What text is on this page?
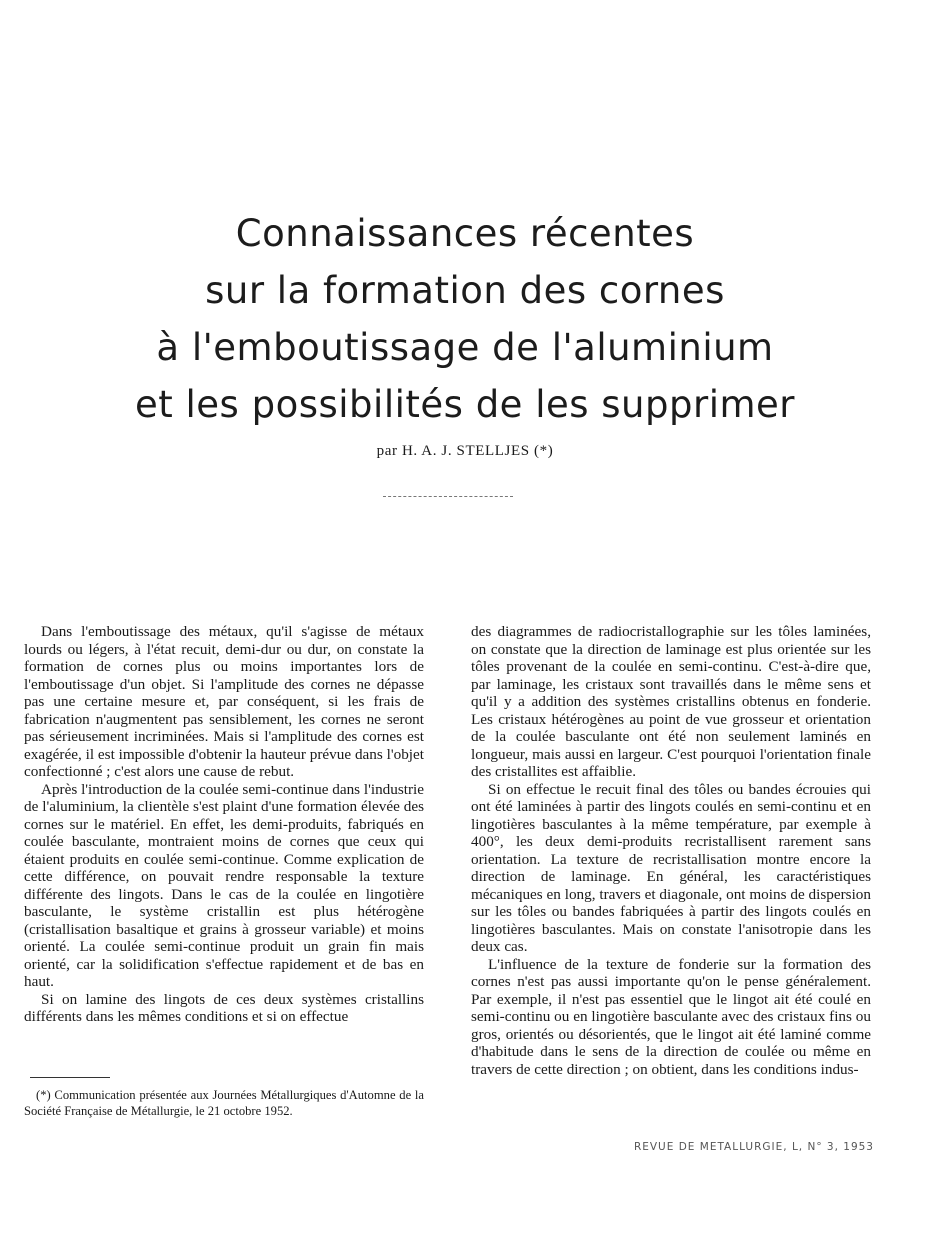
Connaissances récentes
sur la formation des cornes
à l'emboutissage de l'aluminium
et les possibilités de les supprimer
par H. A. J. STELLJES (*)

Dans l'emboutissage des métaux, qu'il s'agisse de métaux lourds ou légers, à l'état recuit, demi-dur ou dur, on constate la formation de cornes plus ou moins importantes lors de l'emboutissage d'un objet. Si l'amplitude des cornes ne dépasse pas une certaine mesure et, par conséquent, si les frais de fabrication n'augmentent pas sensiblement, les cornes ne seront pas sérieusement incriminées. Mais si l'amplitude des cornes est exagérée, il est impossible d'obtenir la hauteur prévue dans l'objet confectionné ; c'est alors une cause de rebut.

Après l'introduction de la coulée semi-continue dans l'industrie de l'aluminium, la clientèle s'est plaint d'une formation élevée des cornes sur le matériel. En effet, les demi-produits, fabriqués en coulée basculante, montraient moins de cornes que ceux qui étaient produits en coulée semi-continue. Comme explication de cette différence, on pouvait rendre responsable la texture différente des lingots. Dans le cas de la coulée en lingotière basculante, le système cristallin est plus hétérogène (cristallisation basaltique et grains à grosseur variable) et moins orienté. La coulée semi-continue produit un grain fin mais orienté, car la solidification s'effectue rapidement et de bas en haut.

Si on lamine des lingots de ces deux systèmes cristallins différents dans les mêmes conditions et si on effectue

des diagrammes de radiocristallographie sur les tôles laminées, on constate que la direction de laminage est plus orientée sur les tôles provenant de la coulée en semi-continu. C'est-à-dire que, par laminage, les cristaux sont travaillés dans le même sens et qu'il y a addition des systèmes cristallins obtenus en fonderie. Les cristaux hétérogènes au point de vue grosseur et orientation de la coulée basculante ont été non seulement laminés en longueur, mais aussi en largeur. C'est pourquoi l'orientation finale des cristallites est affaiblie.

Si on effectue le recuit final des tôles ou bandes écrouies qui ont été laminées à partir des lingots coulés en semi-continu et en lingotières basculantes à la même température, par exemple à 400°, les deux demi-produits recristallisent rarement sans orientation. La texture de recristallisation montre encore la direction de laminage. En général, les caractéristiques mécaniques en long, travers et diagonale, ont moins de dispersion sur les tôles ou bandes fabriquées à partir des lingots coulés en lingotières basculantes. Mais on constate l'anisotropie dans les deux cas.

L'influence de la texture de fonderie sur la formation des cornes n'est pas aussi importante qu'on le pense généralement. Par exemple, il n'est pas essentiel que le lingot ait été coulé en semi-continu ou en lingotière basculante avec des cristaux fins ou gros, orientés ou désorientés, que le lingot ait été laminé comme d'habitude dans le sens de la direction de coulée ou même en travers de cette direction ; on obtient, dans les conditions indus-

(*) Communication présentée aux Journées Métallurgiques d'Automne de la Société Française de Métallurgie, le 21 octobre 1952.

REVUE DE METALLURGIE, L, N° 3, 1953
